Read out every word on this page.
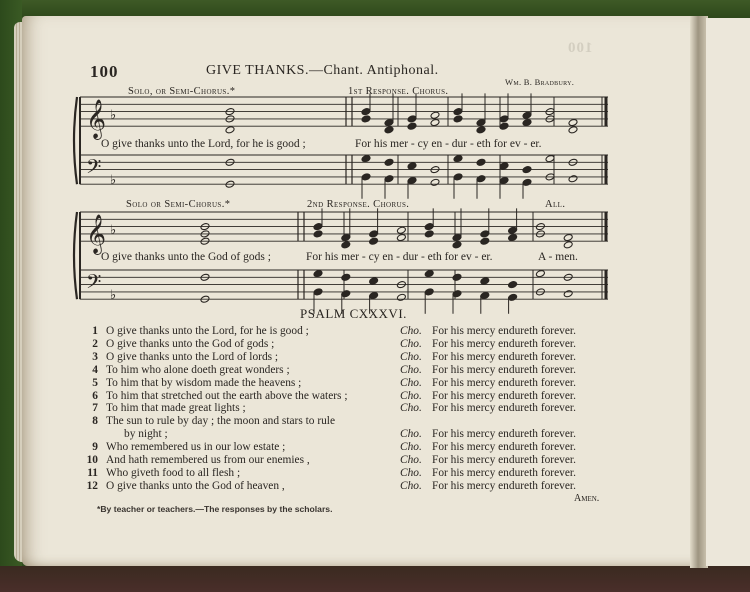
100
100	GIVE THANKS.—Chant. Antiphonal.
Wm. B. Bradbury.
𝄞
𝄢
♭
♭
𝄞
𝄢
♭
♭
Solo, or Semi-Chorus.*	1st Response. Chorus.
O give thanks unto the Lord, for he is good ;	For his mer - cy en - dur - eth for ev - er.
Solo or Semi-Chorus.*	2nd Response. Chorus.	All.
O give thanks unto the God of gods ;	For his mer - cy en - dur - eth for ev - er.	A - men.
PSALM CXXXVI.
1 O give thanks unto the Lord, for he is good ;	Cho. For his mercy endureth forever.
2 O give thanks unto the God of gods ;	Cho. For his mercy endureth forever.
3 O give thanks unto the Lord of lords ;	Cho. For his mercy endureth forever.
4 To him who alone doeth great wonders ;	Cho. For his mercy endureth forever.
5 To him that by wisdom made the heavens ;	Cho. For his mercy endureth forever.
6 To him that stretched out the earth above the waters ;	Cho. For his mercy endureth forever.
7 To him that made great lights ;	Cho. For his mercy endureth forever.
8 The sun to rule by day ; the moon and stars to rule
by night ;	Cho. For his mercy endureth forever.
9 Who remembered us in our low estate ;	Cho. For his mercy endureth forever.
10 And hath remembered us from our enemies ,	Cho. For his mercy endureth forever.
11 Who giveth food to all flesh ;	Cho. For his mercy endureth forever.
12 O give thanks unto the God of heaven ,	Cho. For his mercy endureth forever.
Amen.
*By teacher or teachers.—The responses by the scholars.
